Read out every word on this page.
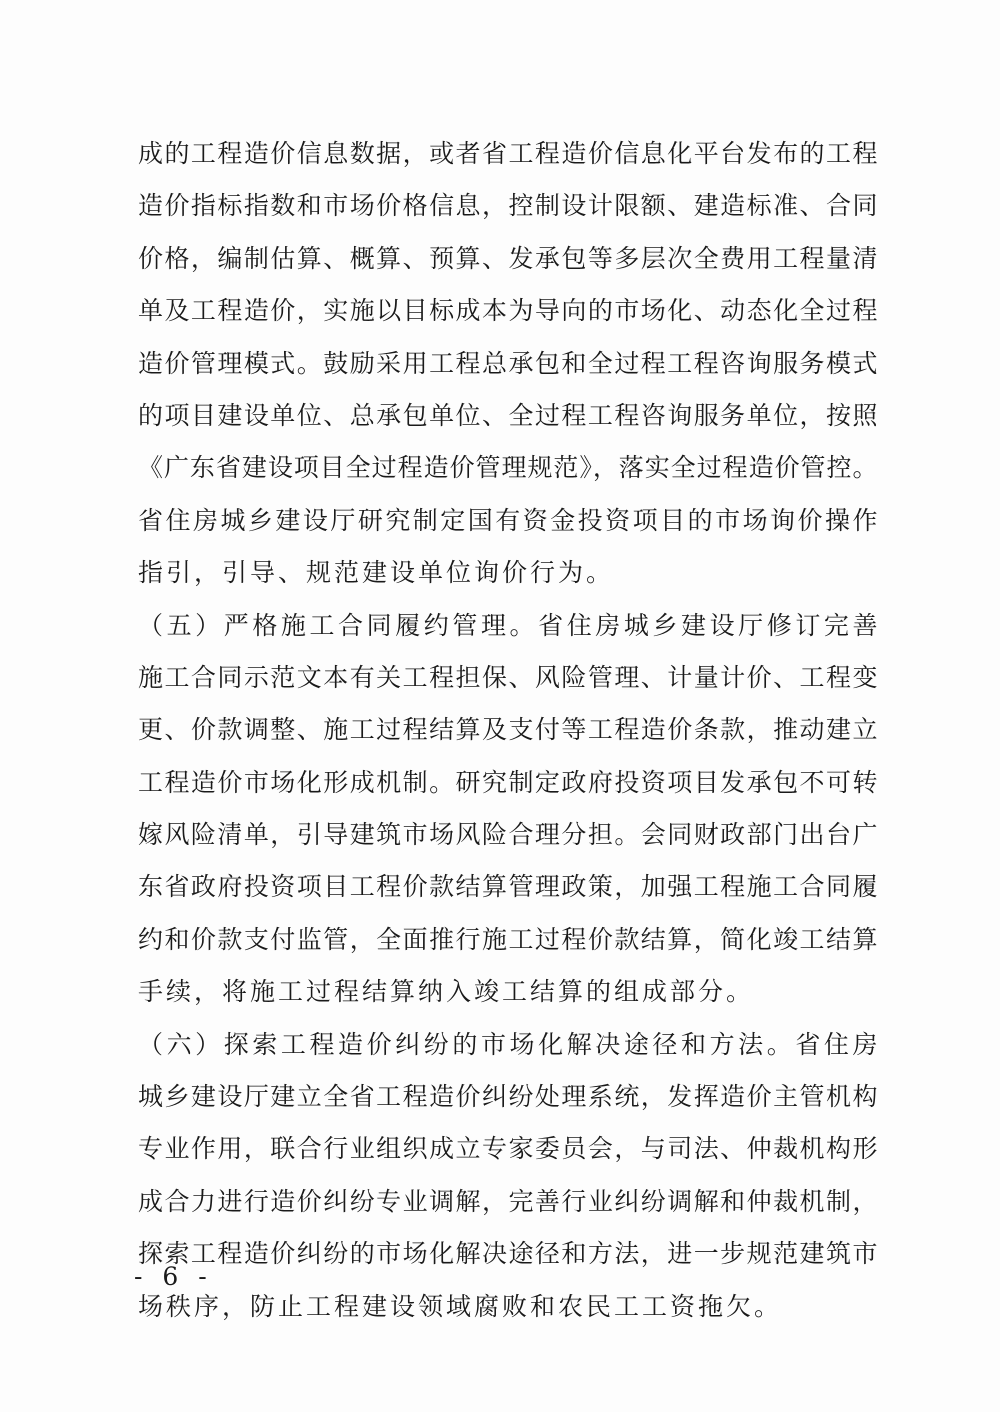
成的工程造价信息数据，或者省工程造价信息化平台发布的工程
造价指标指数和市场价格信息，控制设计限额、建造标准、合同
价格，编制估算、概算、预算、发承包等多层次全费用工程量清
单及工程造价，实施以目标成本为导向的市场化、动态化全过程
造价管理模式。鼓励采用工程总承包和全过程工程咨询服务模式
的项目建设单位、总承包单位、全过程工程咨询服务单位，按照
《广东省建设项目全过程造价管理规范》，落实全过程造价管控。
省住房城乡建设厅研究制定国有资金投资项目的市场询价操作
指引，引导、规范建设单位询价行为。
（五）严格施工合同履约管理。省住房城乡建设厅修订完善
施工合同示范文本有关工程担保、风险管理、计量计价、工程变
更、价款调整、施工过程结算及支付等工程造价条款，推动建立
工程造价市场化形成机制。研究制定政府投资项目发承包不可转
嫁风险清单，引导建筑市场风险合理分担。会同财政部门出台广
东省政府投资项目工程价款结算管理政策，加强工程施工合同履
约和价款支付监管，全面推行施工过程价款结算，简化竣工结算
手续，将施工过程结算纳入竣工结算的组成部分。
（六）探索工程造价纠纷的市场化解决途径和方法。省住房
城乡建设厅建立全省工程造价纠纷处理系统，发挥造价主管机构
专业作用，联合行业组织成立专家委员会，与司法、仲裁机构形
成合力进行造价纠纷专业调解，完善行业纠纷调解和仲裁机制，
探索工程造价纠纷的市场化解决途径和方法，进一步规范建筑市
场秩序，防止工程建设领域腐败和农民工工资拖欠。
- 6 -
